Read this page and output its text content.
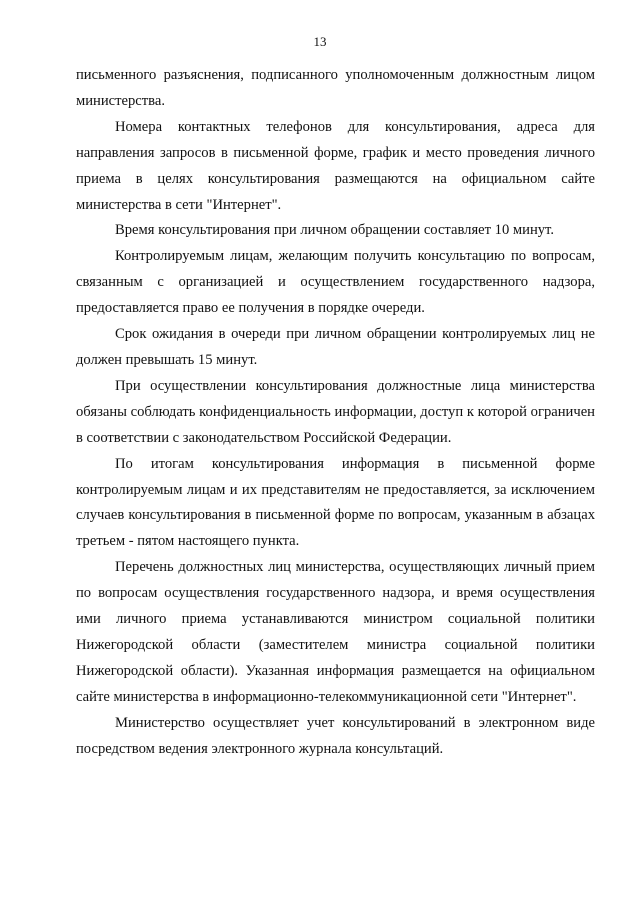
13

письменного разъяснения, подписанного уполномоченным должностным лицом министерства.

Номера контактных телефонов для консультирования, адреса для направления запросов в письменной форме, график и место проведения личного приема в целях консультирования размещаются на официальном сайте министерства в сети "Интернет".

Время консультирования при личном обращении составляет 10 минут.

Контролируемым лицам, желающим получить консультацию по вопросам, связанным с организацией и осуществлением государственного надзора, предоставляется право ее получения в порядке очереди.

Срок ожидания в очереди при личном обращении контролируемых лиц не должен превышать 15 минут.

При осуществлении консультирования должностные лица министерства обязаны соблюдать конфиденциальность информации, доступ к которой ограничен в соответствии с законодательством Российской Федерации.

По итогам консультирования информация в письменной форме контролируемым лицам и их представителям не предоставляется, за исключением случаев консультирования в письменной форме по вопросам, указанным в абзацах третьем - пятом настоящего пункта.

Перечень должностных лиц министерства, осуществляющих личный прием по вопросам осуществления государственного надзора, и время осуществления ими личного приема устанавливаются министром социальной политики Нижегородской области (заместителем министра социальной политики Нижегородской области). Указанная информация размещается на официальном сайте министерства в информационно-телекоммуникационной сети "Интернет".

Министерство осуществляет учет консультирований в электронном виде посредством ведения электронного журнала консультаций.
